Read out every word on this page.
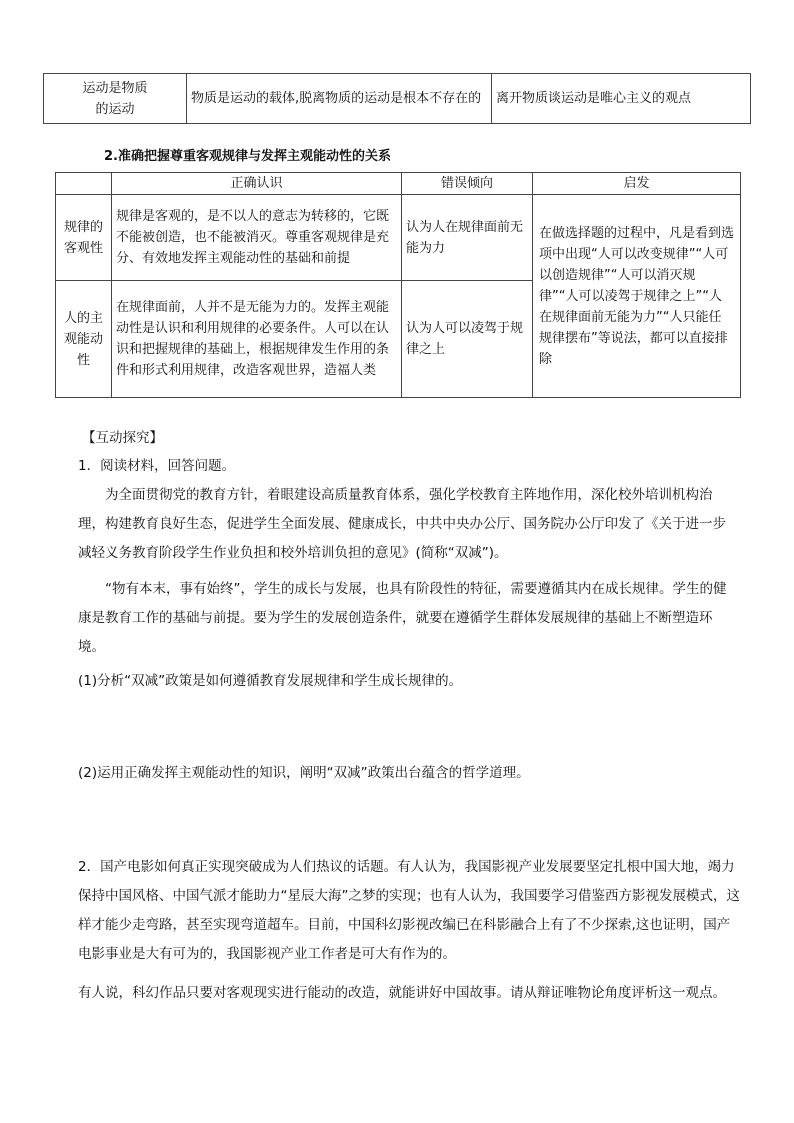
运动是物质的运动	物质是运动的载体,脱离物质的运动是根本不存在的	离开物质谈运动是唯心主义的观点
2.准确把握尊重客观规律与发挥主观能动性的关系
	正确认识	错误倾向	启发
规律的客观性	规律是客观的，是不以人的意志为转移的，它既不能被创造，也不能被消灭。尊重客观规律是充分、有效地发挥主观能动性的基础和前提	认为人在规律面前无能为力	在做选择题的过程中，凡是看到选项中出现“人可以改变规律”“人可以创造规律”“人可以消灭规律”“人可以凌驾于规律之上”“人在规律面前无能为力”“人只能任规律摆布”等说法，都可以直接排除
人的主观能动性	在规律面前，人并不是无能为力的。发挥主观能动性是认识和利用规律的必要条件。人可以在认识和把握规律的基础上，根据规律发生作用的条件和形式利用规律，改造客观世界，造福人类	认为人可以凌驾于规律之上	
【互动探究】
1．阅读材料，回答问题。
为全面贯彻党的教育方针，着眼建设高质量教育体系，强化学校教育主阵地作用，深化校外培训机构治理，构建教育良好生态，促进学生全面发展、健康成长，中共中央办公厅、国务院办公厅印发了《关于进一步减轻义务教育阶段学生作业负担和校外培训负担的意见》(简称“双减”)。
“物有本末，事有始终”，学生的成长与发展，也具有阶段性的特征，需要遵循其内在成长规律。学生的健康是教育工作的基础与前提。要为学生的发展创造条件，就要在遵循学生群体发展规律的基础上不断塑造环境。
(1)分析“双减”政策是如何遵循教育发展规律和学生成长规律的。
(2)运用正确发挥主观能动性的知识，阐明“双减”政策出台蕴含的哲学道理。
2．国产电影如何真正实现突破成为人们热议的话题。有人认为，我国影视产业发展要坚定扎根中国大地，竭力保持中国风格、中国气派才能助力“星辰大海”之梦的实现；也有人认为，我国要学习借鉴西方影视发展模式，这样才能少走弯路，甚至实现弯道超车。目前，中国科幻影视改编已在科影融合上有了不少探索,这也证明，国产电影事业是大有可为的，我国影视产业工作者是可大有作为的。
有人说，科幻作品只要对客观现实进行能动的改造，就能讲好中国故事。请从辩证唯物论角度评析这一观点。
